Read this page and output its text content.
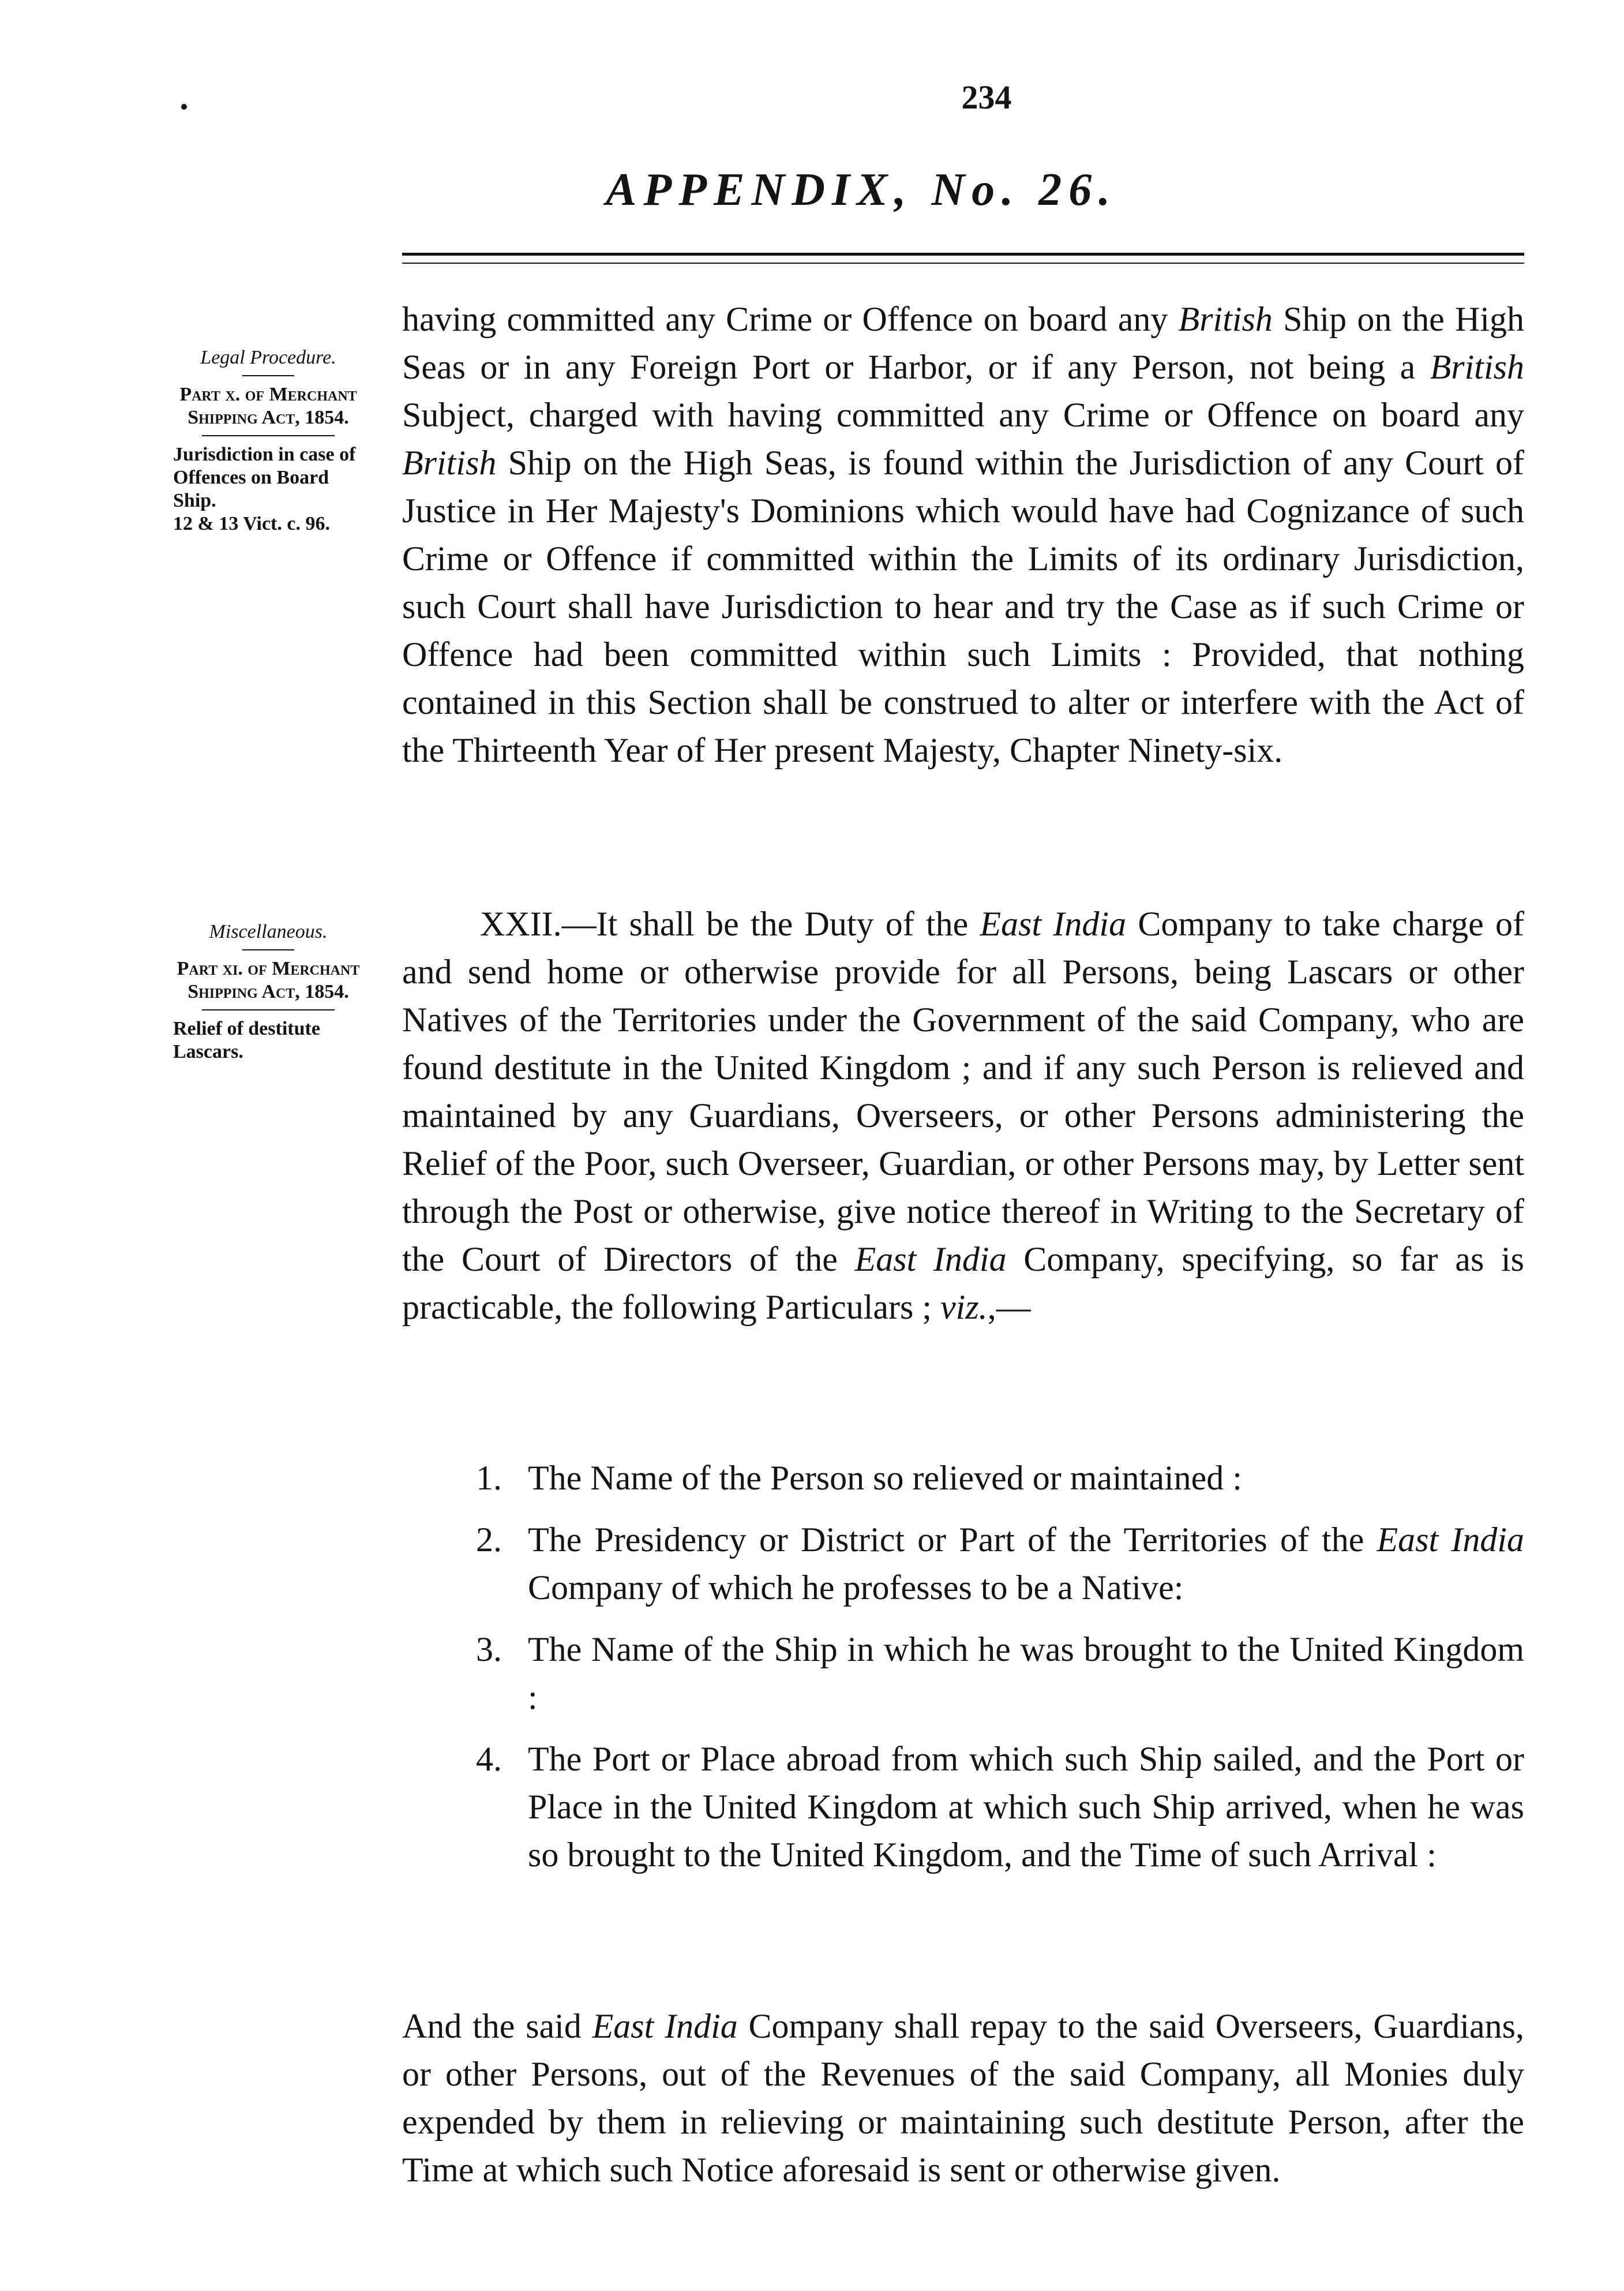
234
APPENDIX, No. 26.
Legal Procedure.
Part x. of Merchant Shipping Act, 1854.
Jurisdiction in case of Offences on Board Ship.
12 & 13 Vict. c. 96.
Miscellaneous.
Part xi. of Merchant Shipping Act, 1854.
Relief of destitute Lascars.

having committed any Crime or Offence on board any British Ship on the High Seas or in any Foreign Port or Harbor, or if any Person, not being a British Subject, charged with having committed any Crime or Offence on board any British Ship on the High Seas, is found within the Jurisdiction of any Court of Justice in Her Majesty's Dominions which would have had Cognizance of such Crime or Offence if committed within the Limits of its ordinary Jurisdiction, such Court shall have Jurisdiction to hear and try the Case as if such Crime or Offence had been committed within such Limits : Provided, that nothing contained in this Section shall be construed to alter or interfere with the Act of the Thirteenth Year of Her present Majesty, Chapter Ninety-six.

XXII.—It shall be the Duty of the East India Company to take charge of and send home or otherwise provide for all Persons, being Lascars or other Natives of the Territories under the Government of the said Company, who are found destitute in the United Kingdom ; and if any such Person is relieved and maintained by any Guardians, Overseers, or other Persons administering the Relief of the Poor, such Overseer, Guardian, or other Persons may, by Letter sent through the Post or otherwise, give notice thereof in Writing to the Secretary of the Court of Directors of the East India Company, specifying, so far as is practicable, the following Particulars ; viz.,—

1. The Name of the Person so relieved or maintained :
2. The Presidency or District or Part of the Territories of the East India Company of which he professes to be a Native:
3. The Name of the Ship in which he was brought to the United Kingdom :
4. The Port or Place abroad from which such Ship sailed, and the Port or Place in the United Kingdom at which such Ship arrived, when he was so brought to the United Kingdom, and the Time of such Arrival :

And the said East India Company shall repay to the said Overseers, Guardians, or other Persons, out of the Revenues of the said Company, all Monies duly expended by them in relieving or maintaining such destitute Person, after the Time at which such Notice aforesaid is sent or otherwise given.
